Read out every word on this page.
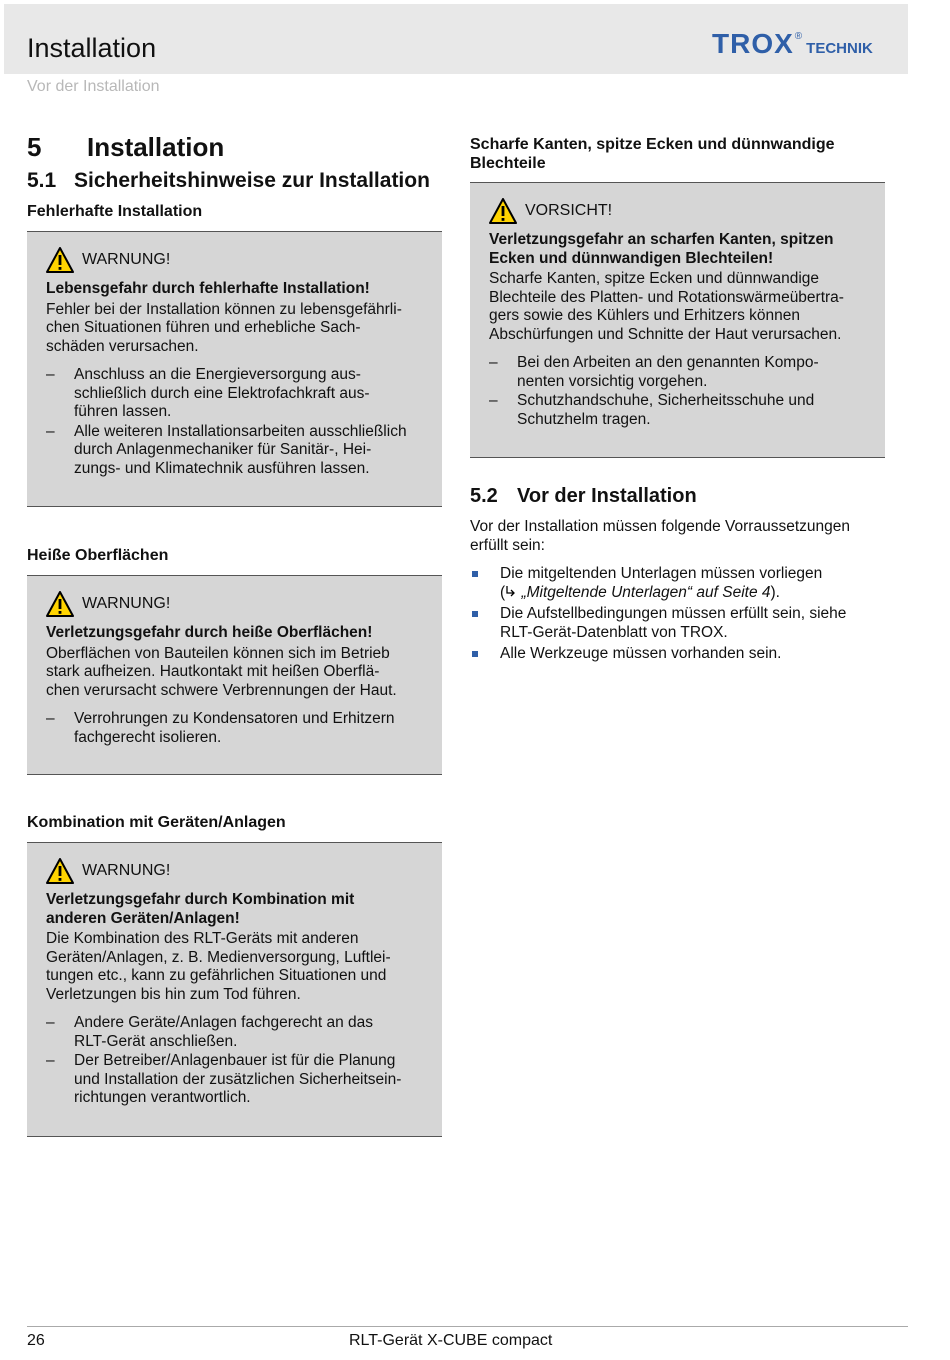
Installation
Vor der Installation
TROX ®
TECHNIK
5 Installation
5.1 Sicherheitshinweise zur Installation
Fehlerhafte Installation
WARNUNG!
Lebensgefahr durch fehlerhafte Installation!
Fehler bei der Installation können zu lebensgefährli-
chen Situationen führen und erhebliche Sach-
schäden verursachen.
–	Anschluss an die Energieversorgung aus-
schließlich durch eine Elektrofachkraft aus-
führen lassen.
–	Alle weiteren Installationsarbeiten ausschließlich
durch Anlagenmechaniker für Sanitär-, Hei-
zungs- und Klimatechnik ausführen lassen.
Heiße Oberflächen
WARNUNG!
Verletzungsgefahr durch heiße Oberflächen!
Oberflächen von Bauteilen können sich im Betrieb
stark aufheizen. Hautkontakt mit heißen Oberflä-
chen verursacht schwere Verbrennungen der Haut.
–	Verrohrungen zu Kondensatoren und Erhitzern
fachgerecht isolieren.
Kombination mit Geräten/Anlagen
WARNUNG!
Verletzungsgefahr durch Kombination mit
anderen Geräten/Anlagen!
Die Kombination des RLT-Geräts mit anderen
Geräten/Anlagen, z. B. Medienversorgung, Luftlei-
tungen etc., kann zu gefährlichen Situationen und
Verletzungen bis hin zum Tod führen.
–	Andere Geräte/Anlagen fachgerecht an das
RLT-Gerät anschließen.
–	Der Betreiber/Anlagenbauer ist für die Planung
und Installation der zusätzlichen Sicherheitsein-
richtungen verantwortlich.
Scharfe Kanten, spitze Ecken und dünnwandige
Blechteile
VORSICHT!
Verletzungsgefahr an scharfen Kanten, spitzen
Ecken und dünnwandigen Blechteilen!
Scharfe Kanten, spitze Ecken und dünnwandige
Blechteile des Platten- und Rotationswärmeübertra-
gers sowie des Kühlers und Erhitzers können
Abschürfungen und Schnitte der Haut verursachen.
–	Bei den Arbeiten an den genannten Kompo-
nenten vorsichtig vorgehen.
–	Schutzhandschuhe, Sicherheitsschuhe und
Schutzhelm tragen.
5.2 Vor der Installation
Vor der Installation müssen folgende Vorraussetzungen
erfüllt sein:
Die mitgeltenden Unterlagen müssen vorliegen
( „Mitgeltende Unterlagen“ auf Seite 4).
Die Aufstellbedingungen müssen erfüllt sein, siehe
RLT-Gerät-Datenblatt von TROX.
Alle Werkzeuge müssen vorhanden sein.
26	RLT-Gerät X-CUBE compact
